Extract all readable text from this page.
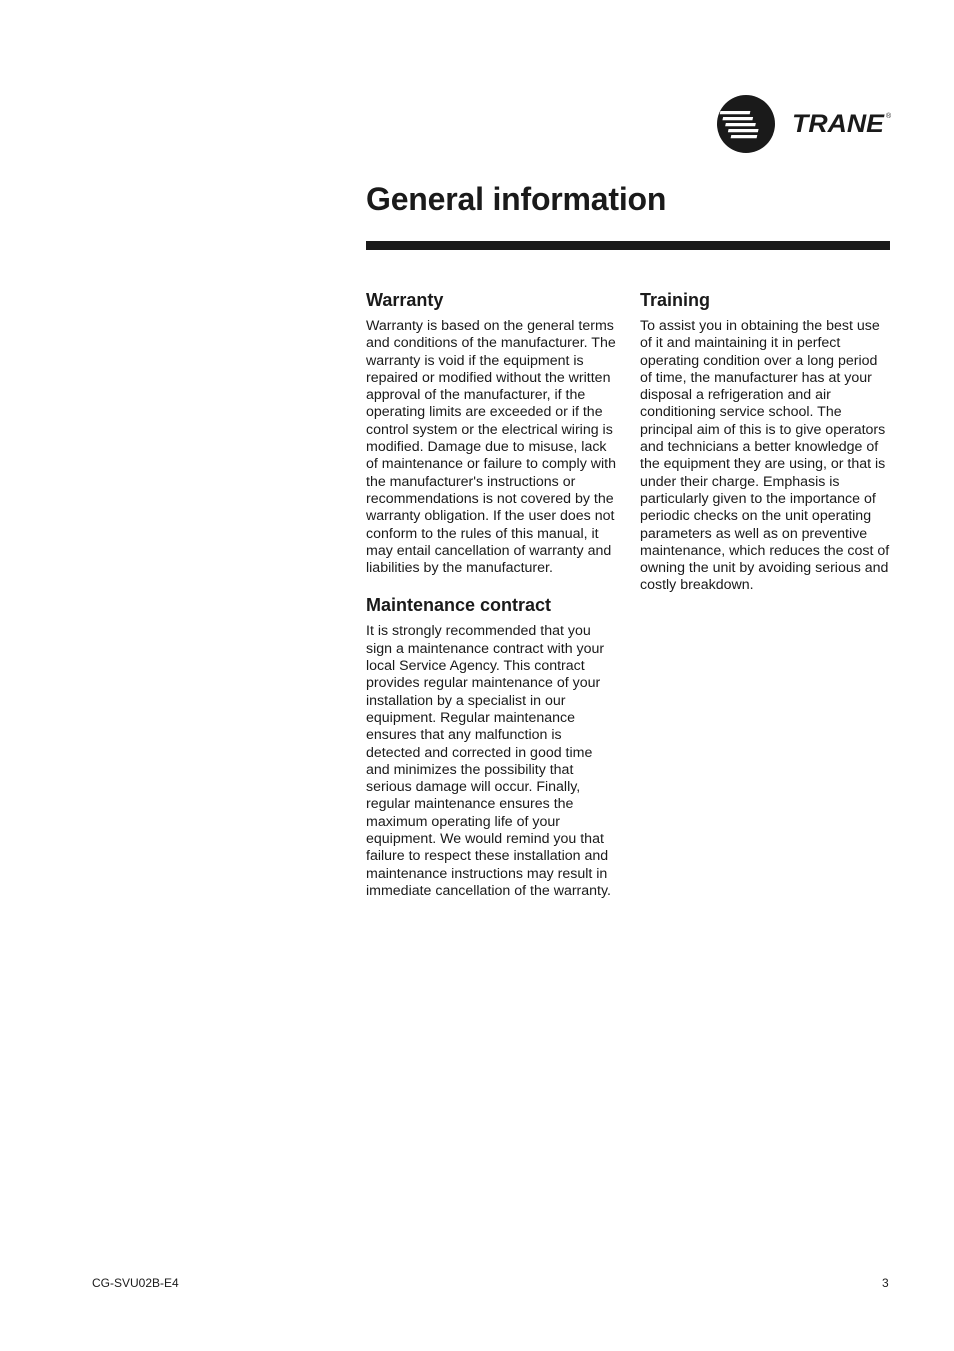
TRANE ®
General information
Warranty

Warranty is based on the general terms and conditions of the manufacturer. The warranty is void if the equipment is repaired or modified without the written approval of the manufacturer, if the operating limits are exceeded or if the control system or the electrical wiring is modified. Damage due to misuse, lack of maintenance or failure to comply with the manufacturer's instructions or recommendations is not covered by the warranty obligation. If the user does not conform to the rules of this manual, it may entail cancellation of warranty and liabilities by the manufacturer.

Maintenance contract

It is strongly recommended that you sign a maintenance contract with your local Service Agency. This contract provides regular maintenance of your installation by a specialist in our equipment. Regular maintenance ensures that any malfunction is detected and corrected in good time and minimizes the possibility that serious damage will occur. Finally, regular maintenance ensures the maximum operating life of your equipment. We would remind you that failure to respect these installation and maintenance instructions may result in immediate cancellation of the warranty.

Training

To assist you in obtaining the best use of it and maintaining it in perfect operating condition over a long period of time, the manufacturer has at your disposal a refrigeration and air conditioning service school. The principal aim of this is to give operators and technicians a better knowledge of the equipment they are using, or that is under their charge. Emphasis is particularly given to the importance of periodic checks on the unit operating parameters as well as on preventive maintenance, which reduces the cost of owning the unit by avoiding serious and costly breakdown.

CG-SVU02B-E4	3
